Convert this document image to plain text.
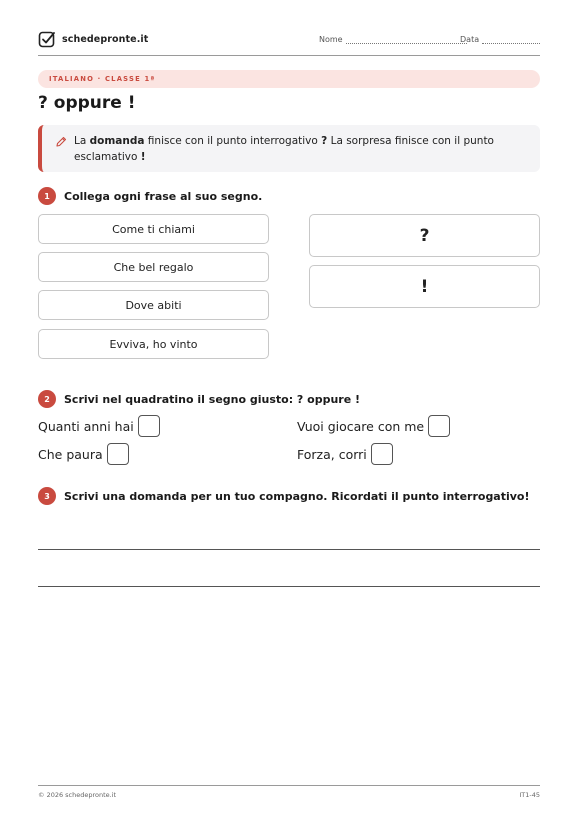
schedepronte.it	Nome	Data
ITALIANO · CLASSE 1ª
? oppure !
La domanda finisce con il punto interrogativo ? La sorpresa finisce con il punto esclamativo !
1	Collega ogni frase al suo segno.
Come ti chiami
Che bel regalo
Dove abiti
Evviva, ho vinto
?
!
2	Scrivi nel quadratino il segno giusto: ? oppure !
Quanti anni hai	Vuoi giocare con me
Che paura	Forza, corri
3	Scrivi una domanda per un tuo compagno. Ricordati il punto interrogativo!
© 2026 schedepronte.it	IT1-45
